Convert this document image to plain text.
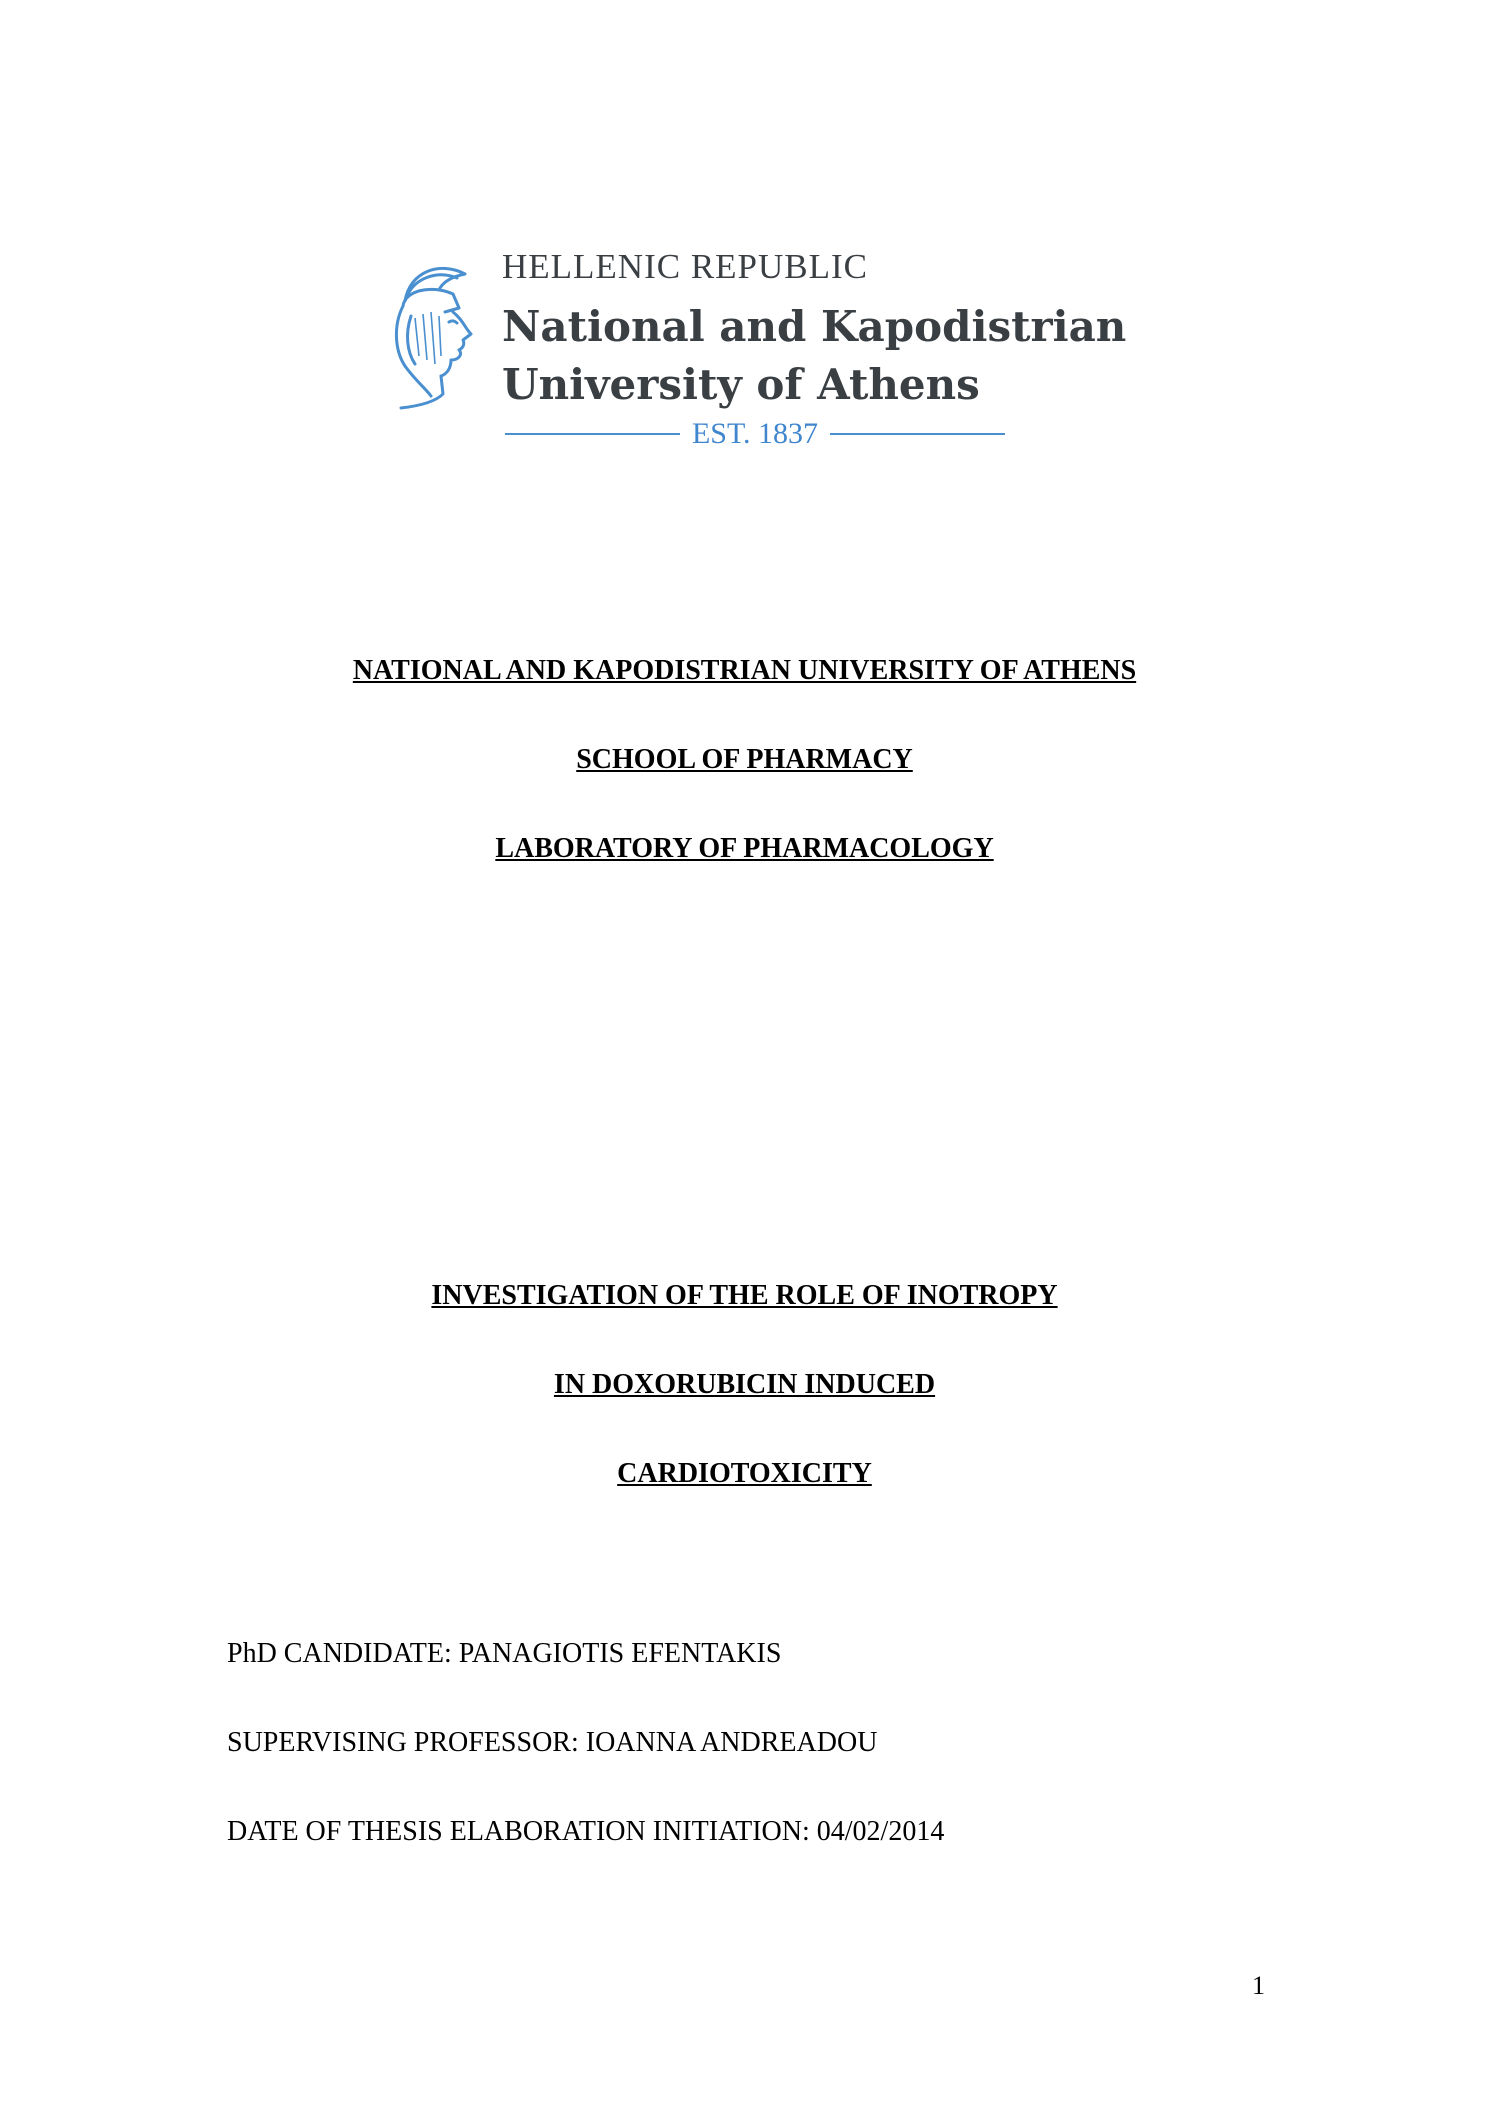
HELLENIC REPUBLIC
National and Kapodistrian
University of Athens
EST. 1837
NATIONAL AND KAPODISTRIAN UNIVERSITY OF ATHENS
SCHOOL OF PHARMACY
LABORATORY OF PHARMACOLOGY
INVESTIGATION OF THE ROLE OF INOTROPY
IN DOXORUBICIN INDUCED
CARDIOTOXICITY
PhD CANDIDATE: PANAGIOTIS EFENTAKIS
SUPERVISING PROFESSOR: IOANNA ANDREADOU
DATE OF THESIS ELABORATION INITIATION: 04/02/2014
1
